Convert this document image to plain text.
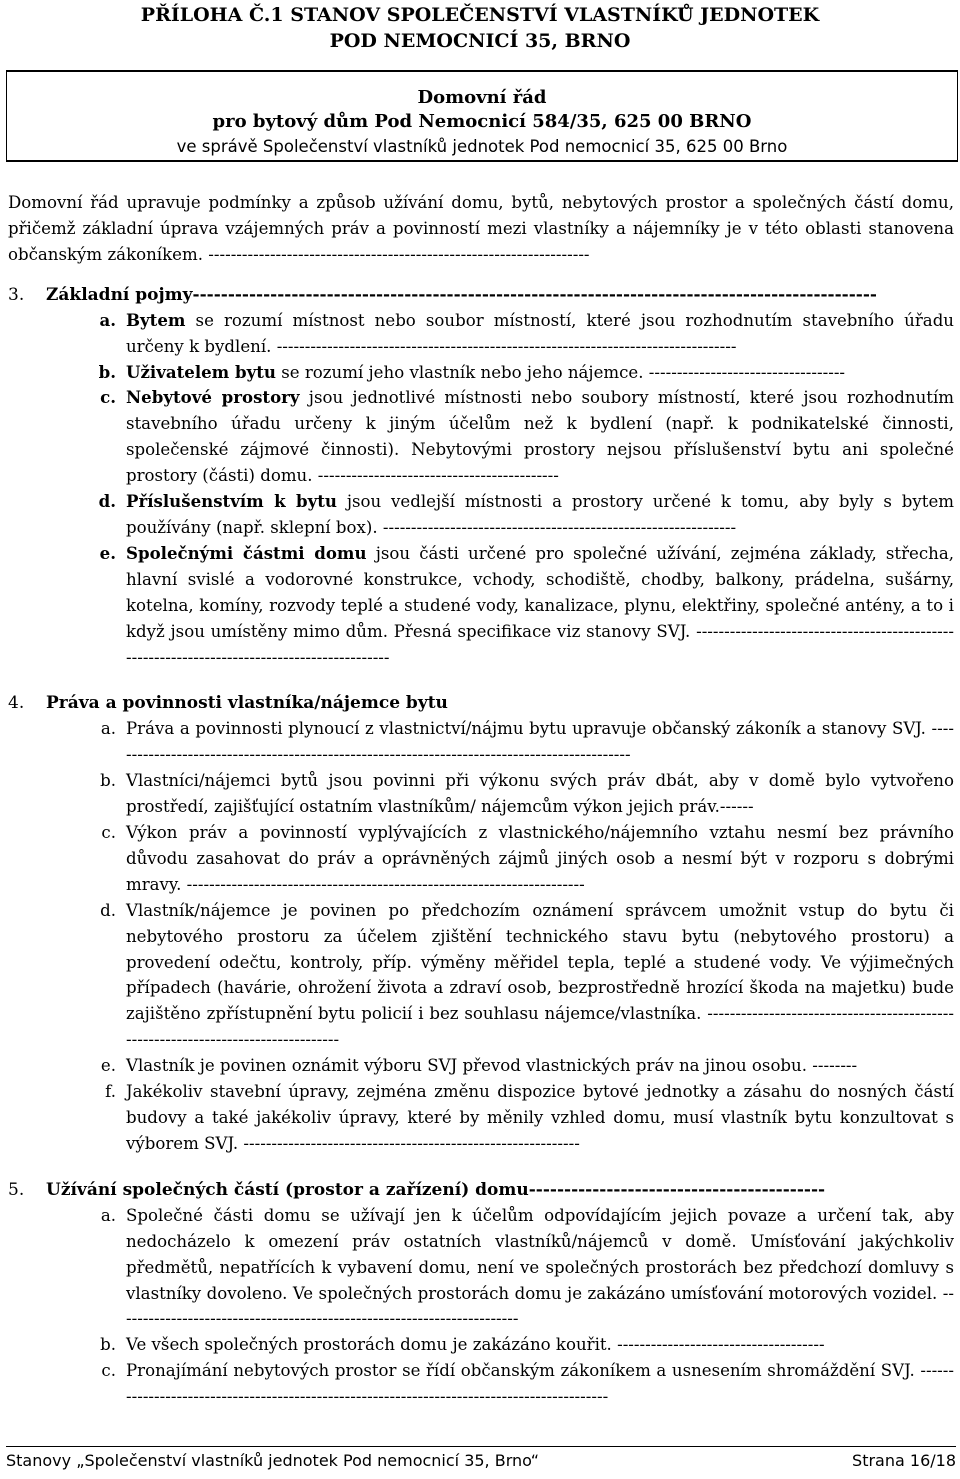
PŘÍLOHA Č.1 STANOV SPOLEČENSTVÍ VLASTNÍKŮ JEDNOTEK
POD NEMOCNICÍ 35, BRNO
Domovní řád
pro bytový dům Pod Nemocnicí 584/35, 625 00 BRNO
ve správě Společenství vlastníků jednotek Pod nemocnicí 35, 625 00 Brno

Domovní řád upravuje podmínky a způsob užívání domu, bytů, nebytových prostor a společných částí domu, přičemž základní úprava vzájemných práv a povinností mezi vlastníky a nájemníky je v této oblasti stanovena občanským zákoníkem. --------------------------------------------------------------------

3.	Základní pojmy -------------------------------------------------------------------------------------------------
a. Bytem se rozumí místnost nebo soubor místností, které jsou rozhodnutím stavebního úřadu určeny k bydlení. ----------------------------------------------------------------------------------
b. Uživatelem bytu se rozumí jeho vlastník nebo jeho nájemce. -----------------------------------
c. Nebytové prostory jsou jednotlivé místnosti nebo soubory místností, které jsou rozhodnutím stavebního úřadu určeny k jiným účelům než k bydlení (např. k podnikatelské činnosti, společenské zájmové činnosti). Nebytovými prostory nejsou příslušenství bytu ani společné prostory (části) domu. -------------------------------------------
d. Příslušenstvím k bytu jsou vedlejší místnosti a prostory určené k tomu, aby byly s bytem používány (např. sklepní box). ---------------------------------------------------------------
e. Společnými částmi domu jsou části určené pro společné užívání, zejména základy, střecha, hlavní svislé a vodorovné konstrukce, vchody, schodiště, chodby, balkony, prádelna, sušárny, kotelna, komíny, rozvody teplé a studené vody, kanalizace, plynu, elektřiny, společné antény, a to i když jsou umístěny mimo dům. Přesná specifikace viz stanovy SVJ. ---------------------------------------------------------------------------------------------
4.	Práva a povinnosti vlastníka/nájemce bytu
a. Práva a povinnosti plynoucí z vlastnictví/nájmu bytu upravuje občanský zákoník a stanovy SVJ. ----------------------------------------------------------------------------------------------
b. Vlastníci/nájemci bytů jsou povinni při výkonu svých práv dbát, aby v domě bylo vytvořeno prostředí, zajišťující ostatním vlastníkům/ nájemcům výkon jejich práv.------
c. Výkon práv a povinností vyplývajících z vlastnického/nájemního vztahu nesmí bez právního důvodu zasahovat do práv a oprávněných zájmů jiných osob a nesmí být v rozporu s dobrými mravy. -----------------------------------------------------------------------
d. Vlastník/nájemce je povinen po předchozím oznámení správcem umožnit vstup do bytu či nebytového prostoru za účelem zjištění technického stavu bytu (nebytového prostoru) a provedení odečtu, kontroly, příp. výměny měřidel tepla, teplé a studené vody. Ve výjimečných případech (havárie, ohrožení života a zdraví osob, bezprostředně hrozící škoda na majetku) bude zajištěno zpřístupnění bytu policií i bez souhlasu nájemce/vlastníka. ----------------------------------------------------------------------------------
e. Vlastník je povinen oznámit výboru SVJ převod vlastnických práv na jinou osobu. --------
f. Jakékoliv stavební úpravy, zejména změnu dispozice bytové jednotky a zásahu do nosných částí budovy a také jakékoliv úpravy, které by měnily vzhled domu, musí vlastník bytu konzultovat s výborem SVJ. ------------------------------------------------------------
5.	Užívání společných částí (prostor a zařízení) domu ------------------------------------------
a. Společné části domu se užívají jen k účelům odpovídajícím jejich povaze a určení tak, aby nedocházelo k omezení práv ostatních vlastníků/nájemců v domě. Umísťování jakýchkoliv předmětů, nepatřících k vybavení domu, není ve společných prostorách bez předchozí domluvy s vlastníky dovoleno. Ve společných prostorách domu je zakázáno umísťování motorových vozidel. ------------------------------------------------------------------------
b. Ve všech společných prostorách domu je zakázáno kouřit. -------------------------------------
c. Pronajímání nebytových prostor se řídí občanským zákoníkem a usnesením shromáždění SVJ. --------------------------------------------------------------------------------------------
Stanovy „Společenství vlastníků jednotek Pod nemocnicí 35, Brno“	Strana 16/18
